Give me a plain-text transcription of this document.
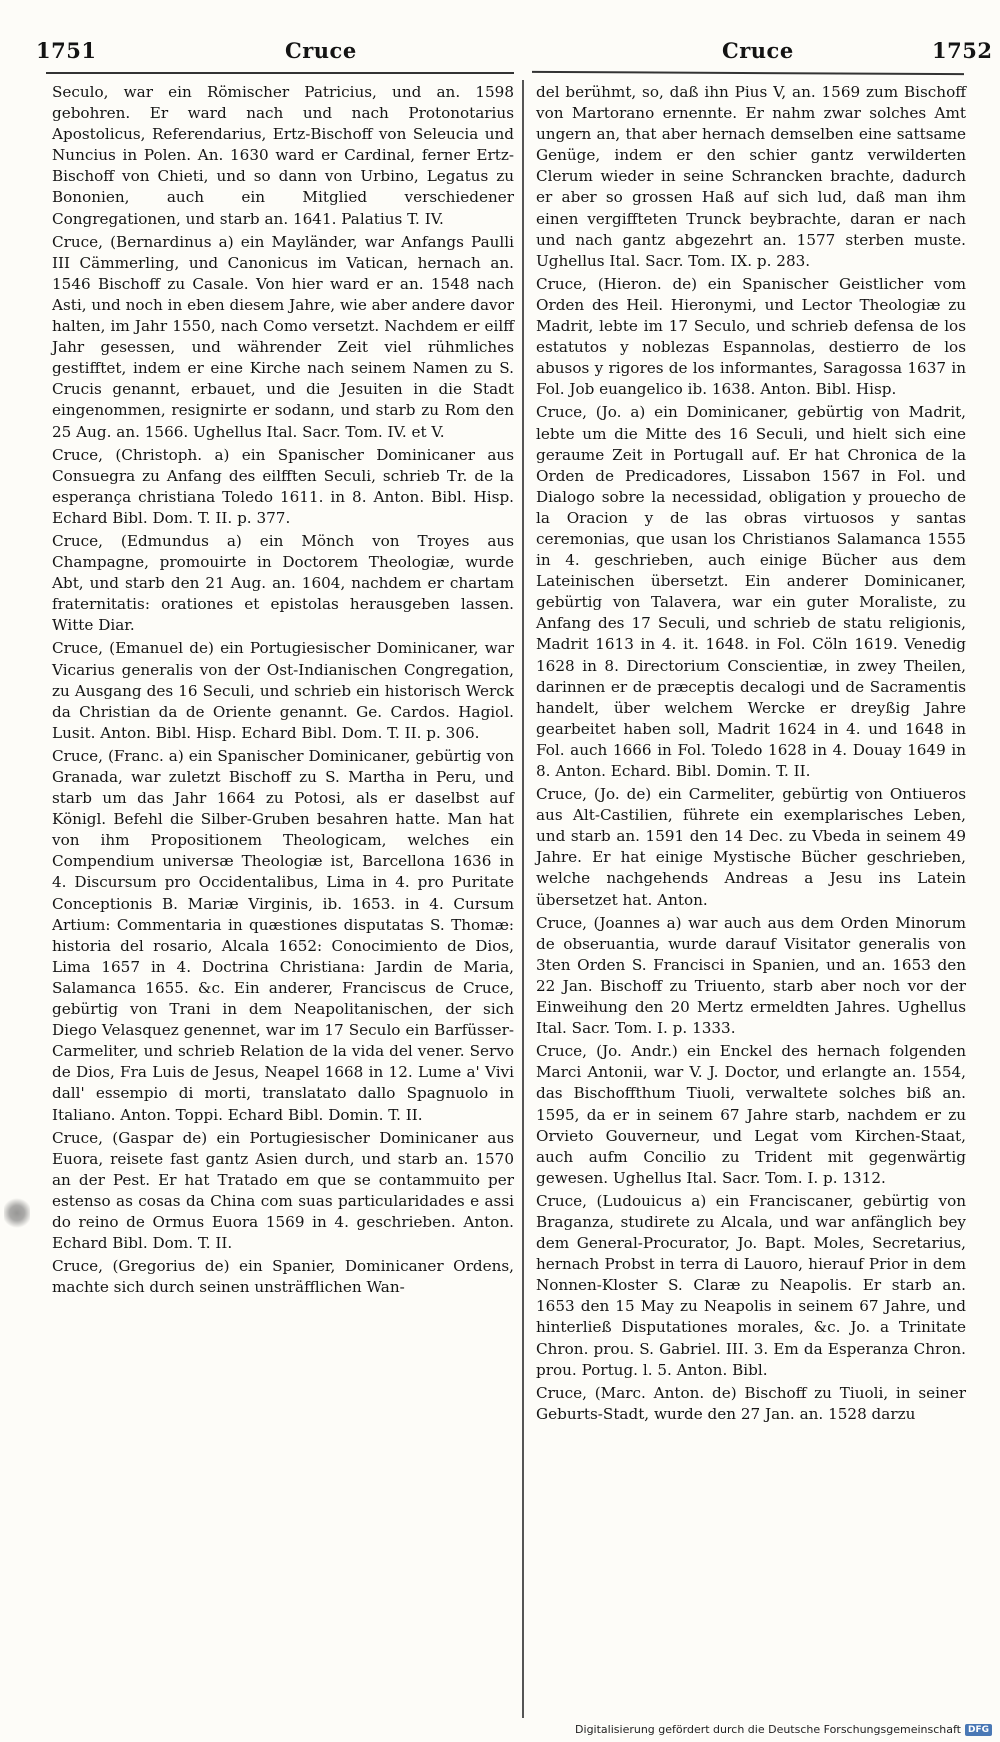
1751	Cruce	Cruce	1752

Seculo, war ein Römischer Patricius, und an. 1598 gebohren. Er ward nach und nach Protonotarius Apostolicus, Referendarius, Ertz-Bischoff von Seleucia und Nuncius in Polen. An. 1630 ward er Cardinal, ferner Ertz-Bischoff von Chieti, und so dann von Urbino, Legatus zu Bononien, auch ein Mitglied verschiedener Congregationen, und starb an. 1641. Palatius T. IV.

Cruce, (Bernardinus a) ein Mayländer, war Anfangs Paulli III Cämmerling, und Canonicus im Vatican, hernach an. 1546 Bischoff zu Casale. Von hier ward er an. 1548 nach Asti, und noch in eben diesem Jahre, wie aber andere davor halten, im Jahr 1550, nach Como versetzt. Nachdem er eilff Jahr gesessen, und währender Zeit viel rühmliches gestifftet, indem er eine Kirche nach seinem Namen zu S. Crucis genannt, erbauet, und die Jesuiten in die Stadt eingenommen, resignirte er sodann, und starb zu Rom den 25 Aug. an. 1566. Ughellus Ital. Sacr. Tom. IV. et V.

Cruce, (Christoph. a) ein Spanischer Dominicaner aus Consuegra zu Anfang des eilfften Seculi, schrieb Tr. de la esperança christiana Toledo 1611. in 8. Anton. Bibl. Hisp. Echard Bibl. Dom. T. II. p. 377.

Cruce, (Edmundus a) ein Mönch von Troyes aus Champagne, promouirte in Doctorem Theologiæ, wurde Abt, und starb den 21 Aug. an. 1604, nachdem er chartam fraternitatis: orationes et epistolas herausgeben lassen. Witte Diar.

Cruce, (Emanuel de) ein Portugiesischer Dominicaner, war Vicarius generalis von der Ost-Indianischen Congregation, zu Ausgang des 16 Seculi, und schrieb ein historisch Werck da Christian da de Oriente genannt. Ge. Cardos. Hagiol. Lusit. Anton. Bibl. Hisp. Echard Bibl. Dom. T. II. p. 306.

Cruce, (Franc. a) ein Spanischer Dominicaner, gebürtig von Granada, war zuletzt Bischoff zu S. Martha in Peru, und starb um das Jahr 1664 zu Potosi, als er daselbst auf Königl. Befehl die Silber-Gruben besahren hatte. Man hat von ihm Propositionem Theologicam, welches ein Compendium universæ Theologiæ ist, Barcellona 1636 in 4. Discursum pro Occidentalibus, Lima in 4. pro Puritate Conceptionis B. Mariæ Virginis, ib. 1653. in 4. Cursum Artium: Commentaria in quæstiones disputatas S. Thomæ: historia del rosario, Alcala 1652: Conocimiento de Dios, Lima 1657 in 4. Doctrina Christiana: Jardin de Maria, Salamanca 1655. &c. Ein anderer, Franciscus de Cruce, gebürtig von Trani in dem Neapolitanischen, der sich Diego Velasquez genennet, war im 17 Seculo ein Barfüsser-Carmeliter, und schrieb Relation de la vida del vener. Servo de Dios, Fra Luis de Jesus, Neapel 1668 in 12. Lume a' Vivi dall' essempio di morti, translatato dallo Spagnuolo in Italiano. Anton. Toppi. Echard Bibl. Domin. T. II.

Cruce, (Gaspar de) ein Portugiesischer Dominicaner aus Euora, reisete fast gantz Asien durch, und starb an. 1570 an der Pest. Er hat Tratado em que se contammuito per estenso as cosas da China com suas particularidades e assi do reino de Ormus Euora 1569 in 4. geschrieben. Anton. Echard Bibl. Dom. T. II.

Cruce, (Gregorius de) ein Spanier, Dominicaner Ordens, machte sich durch seinen unsträfflichen Wan-

del berühmt, so, daß ihn Pius V, an. 1569 zum Bischoff von Martorano ernennte. Er nahm zwar solches Amt ungern an, that aber hernach demselben eine sattsame Genüge, indem er den schier gantz verwilderten Clerum wieder in seine Schrancken brachte, dadurch er aber so grossen Haß auf sich lud, daß man ihm einen vergiffteten Trunck beybrachte, daran er nach und nach gantz abgezehrt an. 1577 sterben muste. Ughellus Ital. Sacr. Tom. IX. p. 283.

Cruce, (Hieron. de) ein Spanischer Geistlicher vom Orden des Heil. Hieronymi, und Lector Theologiæ zu Madrit, lebte im 17 Seculo, und schrieb defensa de los estatutos y noblezas Espannolas, destierro de los abusos y rigores de los informantes, Saragossa 1637 in Fol. Job euangelico ib. 1638. Anton. Bibl. Hisp.

Cruce, (Jo. a) ein Dominicaner, gebürtig von Madrit, lebte um die Mitte des 16 Seculi, und hielt sich eine geraume Zeit in Portugall auf. Er hat Chronica de la Orden de Predicadores, Lissabon 1567 in Fol. und Dialogo sobre la necessidad, obligation y prouecho de la Oracion y de las obras virtuosos y santas ceremonias, que usan los Christianos Salamanca 1555 in 4. geschrieben, auch einige Bücher aus dem Lateinischen übersetzt. Ein anderer Dominicaner, gebürtig von Talavera, war ein guter Moraliste, zu Anfang des 17 Seculi, und schrieb de statu religionis, Madrit 1613 in 4. it. 1648. in Fol. Cöln 1619. Venedig 1628 in 8. Directorium Conscientiæ, in zwey Theilen, darinnen er de præceptis decalogi und de Sacramentis handelt, über welchem Wercke er dreyßig Jahre gearbeitet haben soll, Madrit 1624 in 4. und 1648 in Fol. auch 1666 in Fol. Toledo 1628 in 4. Douay 1649 in 8. Anton. Echard. Bibl. Domin. T. II.

Cruce, (Jo. de) ein Carmeliter, gebürtig von Ontiueros aus Alt-Castilien, führete ein exemplarisches Leben, und starb an. 1591 den 14 Dec. zu Vbeda in seinem 49 Jahre. Er hat einige Mystische Bücher geschrieben, welche nachgehends Andreas a Jesu ins Latein übersetzet hat. Anton.

Cruce, (Joannes a) war auch aus dem Orden Minorum de obseruantia, wurde darauf Visitator generalis von 3ten Orden S. Francisci in Spanien, und an. 1653 den 22 Jan. Bischoff zu Triuento, starb aber noch vor der Einweihung den 20 Mertz ermeldten Jahres. Ughellus Ital. Sacr. Tom. I. p. 1333.

Cruce, (Jo. Andr.) ein Enckel des hernach folgenden Marci Antonii, war V. J. Doctor, und erlangte an. 1554, das Bischoffthum Tiuoli, verwaltete solches biß an. 1595, da er in seinem 67 Jahre starb, nachdem er zu Orvieto Gouverneur, und Legat vom Kirchen-Staat, auch aufm Concilio zu Trident mit gegenwärtig gewesen. Ughellus Ital. Sacr. Tom. I. p. 1312.

Cruce, (Ludouicus a) ein Franciscaner, gebürtig von Braganza, studirete zu Alcala, und war anfänglich bey dem General-Procurator, Jo. Bapt. Moles, Secretarius, hernach Probst in terra di Lauoro, hierauf Prior in dem Nonnen-Kloster S. Claræ zu Neapolis. Er starb an. 1653 den 15 May zu Neapolis in seinem 67 Jahre, und hinterließ Disputationes morales, &c. Jo. a Trinitate Chron. prou. S. Gabriel. III. 3. Em da Esperanza Chron. prou. Portug. l. 5. Anton. Bibl.

Cruce, (Marc. Anton. de) Bischoff zu Tiuoli, in seiner Geburts-Stadt, wurde den 27 Jan. an. 1528 darzu

Digitalisierung gefördert durch die Deutsche Forschungsgemeinschaft DFG
